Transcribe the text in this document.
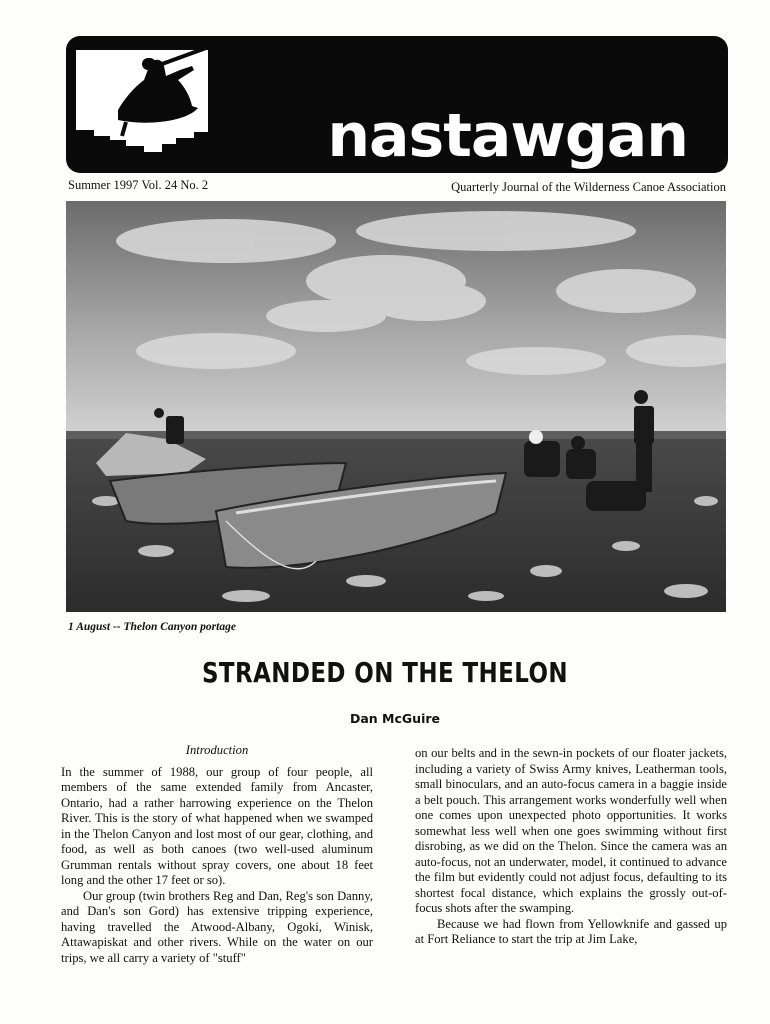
nastawgan
Summer 1997 Vol. 24 No. 2	Quarterly Journal of the Wilderness Canoe Association
1 August -- Thelon Canyon portage
STRANDED ON THE THELON
Dan McGuire
Introduction

In the summer of 1988, our group of four people, all members of the same extended family from Ancaster, Ontario, had a rather harrowing experience on the Thelon River. This is the story of what happened when we swamped in the Thelon Canyon and lost most of our gear, clothing, and food, as well as both canoes (two well-used aluminum Grumman rentals without spray covers, one about 18 feet long and the other 17 feet or so).

Our group (twin brothers Reg and Dan, Reg's son Danny, and Dan's son Gord) has extensive tripping experience, having travelled the Atwood-Albany, Ogoki, Winisk, Attawapiskat and other rivers. While on the water on our trips, we all carry a variety of "stuff"

on our belts and in the sewn-in pockets of our floater jackets, including a variety of Swiss Army knives, Leatherman tools, small binoculars, and an auto-focus camera in a baggie inside a belt pouch. This arrangement works wonderfully well when one comes upon unexpected photo opportunities. It works somewhat less well when one goes swimming without first disrobing, as we did on the Thelon. Since the camera was an auto-focus, not an underwater, model, it continued to advance the film but evidently could not adjust focus, defaulting to its shortest focal distance, which explains the grossly out-of-focus shots after the swamping.

Because we had flown from Yellowknife and gassed up at Fort Reliance to start the trip at Jim Lake,
